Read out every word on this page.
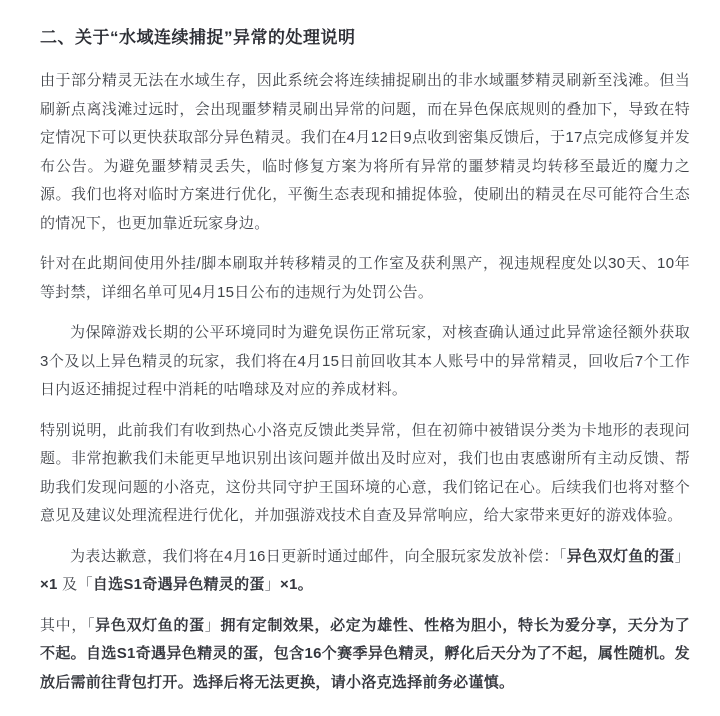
二、关于“水域连续捕捉”异常的处理说明

由于部分精灵无法在水域生存，因此系统会将连续捕捉刷出的非水域噩梦精灵刷新至浅滩。但当刷新点离浅滩过远时，会出现噩梦精灵刷出异常的问题，而在异色保底规则的叠加下，导致在特定情况下可以更快获取部分异色精灵。我们在4月12日9点收到密集反馈后，于17点完成修复并发布公告。为避免噩梦精灵丢失，临时修复方案为将所有异常的噩梦精灵均转移至最近的魔力之源。我们也将对临时方案进行优化，平衡生态表现和捕捉体验，使刷出的精灵在尽可能符合生态的情况下，也更加靠近玩家身边。

针对在此期间使用外挂/脚本刷取并转移精灵的工作室及获利黑产，视违规程度处以30天、10年等封禁，详细名单可见4月15日公布的违规行为处罚公告。

为保障游戏长期的公平环境同时为避免误伤正常玩家，对核查确认通过此异常途径额外获取3个及以上异色精灵的玩家，我们将在4月15日前回收其本人账号中的异常精灵，回收后7个工作日内返还捕捉过程中消耗的咕噜球及对应的养成材料。

特别说明，此前我们有收到热心小洛克反馈此类异常，但在初筛中被错误分类为卡地形的表现问题。非常抱歉我们未能更早地识别出该问题并做出及时应对，我们也由衷感谢所有主动反馈、帮助我们发现问题的小洛克，这份共同守护王国环境的心意，我们铭记在心。后续我们也将对整个意见及建议处理流程进行优化，并加强游戏技术自查及异常响应，给大家带来更好的游戏体验。

为表达歉意，我们将在4月16日更新时通过邮件，向全服玩家发放补偿：「异色双灯鱼的蛋」×1 及「自选S1奇遇异色精灵的蛋」×1。

其中，「异色双灯鱼的蛋」拥有定制效果，必定为雄性、性格为胆小，特长为爱分享，天分为了不起。自选S1奇遇异色精灵的蛋，包含16个赛季异色精灵，孵化后天分为了不起，属性随机。发放后需前往背包打开。选择后将无法更换，请小洛克选择前务必谨慎。
